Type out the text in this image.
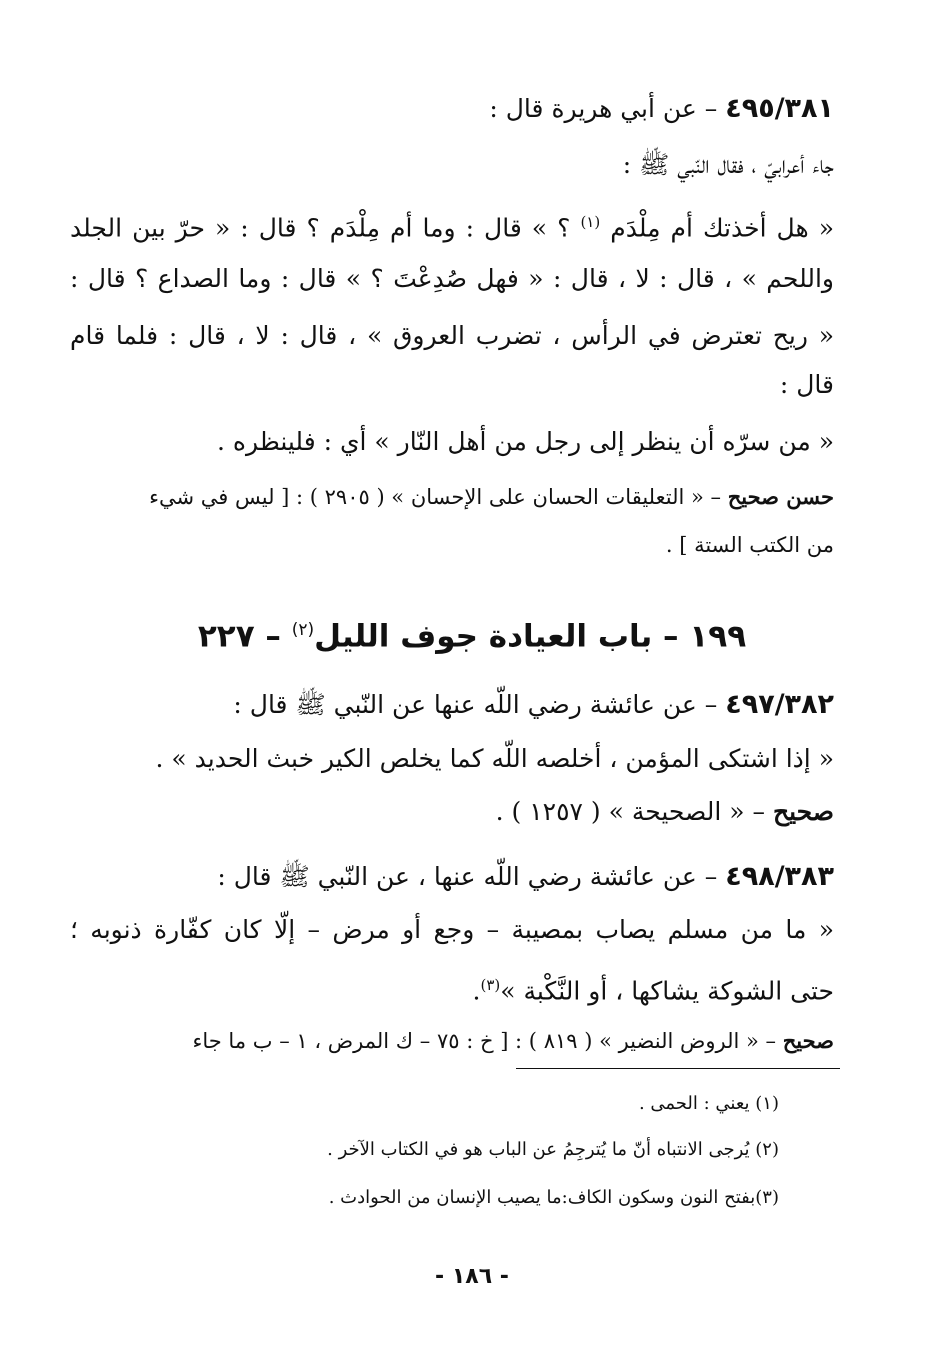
٤٩٥/٣٨١ – عن أبي هريرة قال :
جاء أعرابيّ ، فقال النّبي ﷺ :
« هل أخذتك أم مِلْدَم $^{(١)}$ ؟ » قال : وما أم مِلْدَم ؟ قال : « حرّ بين الجلد
واللحم » ، قال : لا ، قال : « فهل صُدِعْتَ ؟ » قال : وما الصداع ؟ قال :
« ريح تعترض في الرأس ، تضرب العروق » ، قال : لا ، قال : فلما قام
قال :
« من سرّه أن ينظر إلى رجل من أهل النّار » أي : فلينظره .
حسن صحيح – « التعليقات الحسان على الإحسان » ( ٢٩٠٥ ) : [ ليس في شيء
من الكتب الستة ] .
١٩٩ – باب العيادة جوف الليل$^{(٢)}$ – ٢٢٧
٤٩٧/٣٨٢ – عن عائشة رضي اللّه عنها عن النّبي ﷺ قال :
« إذا اشتكى المؤمن ، أخلصه اللّه كما يخلص الكير خبث الحديد » .
صحيح – « الصحيحة » ( ١٢٥٧ ) .
٤٩٨/٣٨٣ – عن عائشة رضي اللّه عنها ، عن النّبي ﷺ قال :
« ما من مسلم يصاب بمصيبة – وجع أو مرض – إلّا كان كفّارة ذنوبه ؛
حتى الشوكة يشاكها ، أو النَّكْبة »$^{(٣)}$.
صحيح – « الروض النضير » ( ٨١٩ ) : [ خ : ٧٥ – ك المرض ، ١ – ب ما جاء
(١) يعني : الحمى .
(٢) يُرجى الانتباه أنّ ما يُترجِمُ عن الباب هو في الكتاب الآخر .
(٣)بفتح النون وسكون الكاف:ما يصيب الإنسان من الحوادث .
- ١٨٦ -
